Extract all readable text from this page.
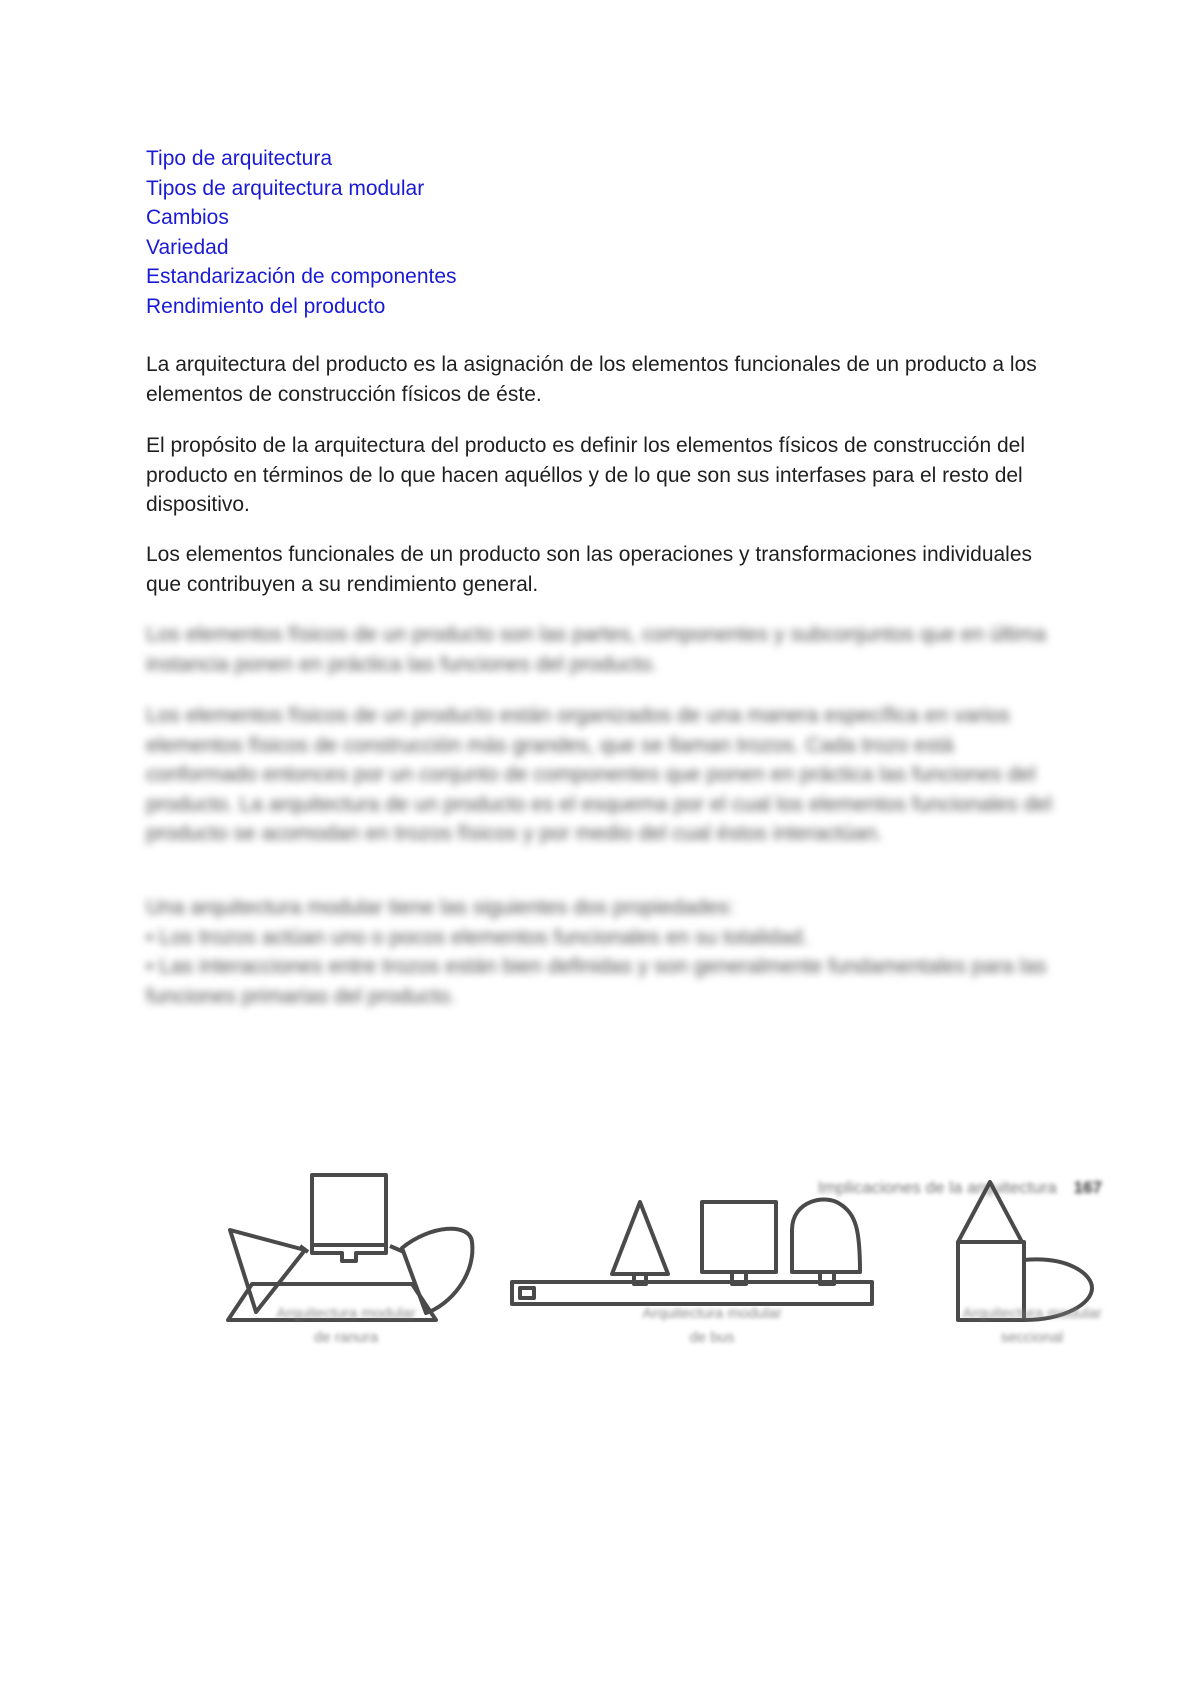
Tipo de arquitectura
Tipos de arquitectura modular
Cambios
Variedad
Estandarización de componentes
Rendimiento del producto

La arquitectura del producto es la asignación de los elementos funcionales de un producto a los elementos de construcción físicos de éste.

El propósito de la arquitectura del producto es definir los elementos físicos de construcción del producto en términos de lo que hacen aquéllos y de lo que son sus interfases para el resto del dispositivo.

Los elementos funcionales de un producto son las operaciones y transformaciones individuales que contribuyen a su rendimiento general.

Los elementos físicos de un producto son las partes, componentes y subconjuntos que en última instancia ponen en práctica las funciones del producto.

Los elementos físicos de un producto están organizados de una manera específica en varios elementos físicos de construcción más grandes, que se llaman trozos. Cada trozo está conformado entonces por un conjunto de componentes que ponen en práctica las funciones del producto. La arquitectura de un producto es el esquema por el cual los elementos funcionales del producto se acomodan en trozos físicos y por medio del cual éstos interactúan.

Una arquitectura modular tiene las siguientes dos propiedades:
• Los trozos actúan uno o pocos elementos funcionales en su totalidad.
• Las interacciones entre trozos están bien definidas y son generalmente fundamentales para las funciones primarias del producto.
Implicaciones de la arquitectura 167
Arquitectura modular
de ranura
Arquitectura modular
de bus
Arquitectura modular
seccional
